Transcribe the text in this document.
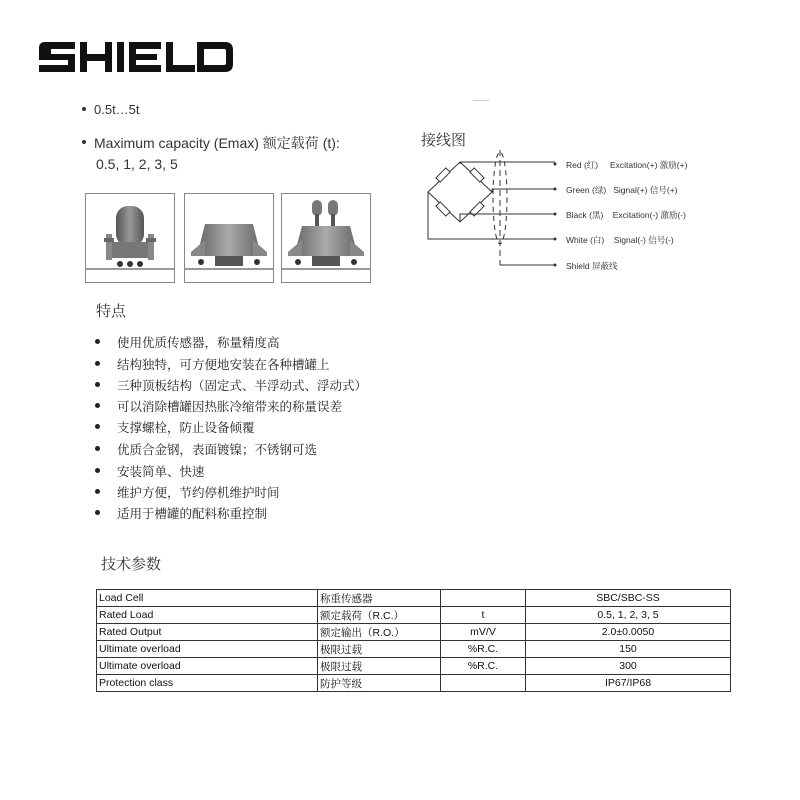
0.5t…5t
Maximum capacity (Emax) 额定载荷 (t):
0.5, 1, 2, 3, 5
接线图
Red (红) Excitation(+) 激励(+)
Green (绿) Signal(+) 信号(+)
Black (黑) Excitation(-) 激励(-)
White (白) Signal(-) 信号(-)
Shield 屏蔽线
特点
使用优质传感器，称量精度高
结构独特，可方便地安装在各种槽罐上
三种顶板结构（固定式、半浮动式、浮动式）
可以消除槽罐因热胀冷缩带来的称量误差
支撑螺栓，防止设备倾覆
优质合金钢，表面镀镍；不锈钢可选
安装简单、快速
维护方便，节约停机维护时间
适用于槽罐的配料称重控制
技术参数
Load Cell	称重传感器		SBC/SBC-SS
Rated Load	额定载荷（R.C.）	t	0.5, 1, 2, 3, 5
Rated Output	额定输出（R.O.）	mV/V	2.0±0.0050
Ultimate overload	极限过载	%R.C.	150
Ultimate overload	极限过载	%R.C.	300
Protection class	防护等级		IP67/IP68
